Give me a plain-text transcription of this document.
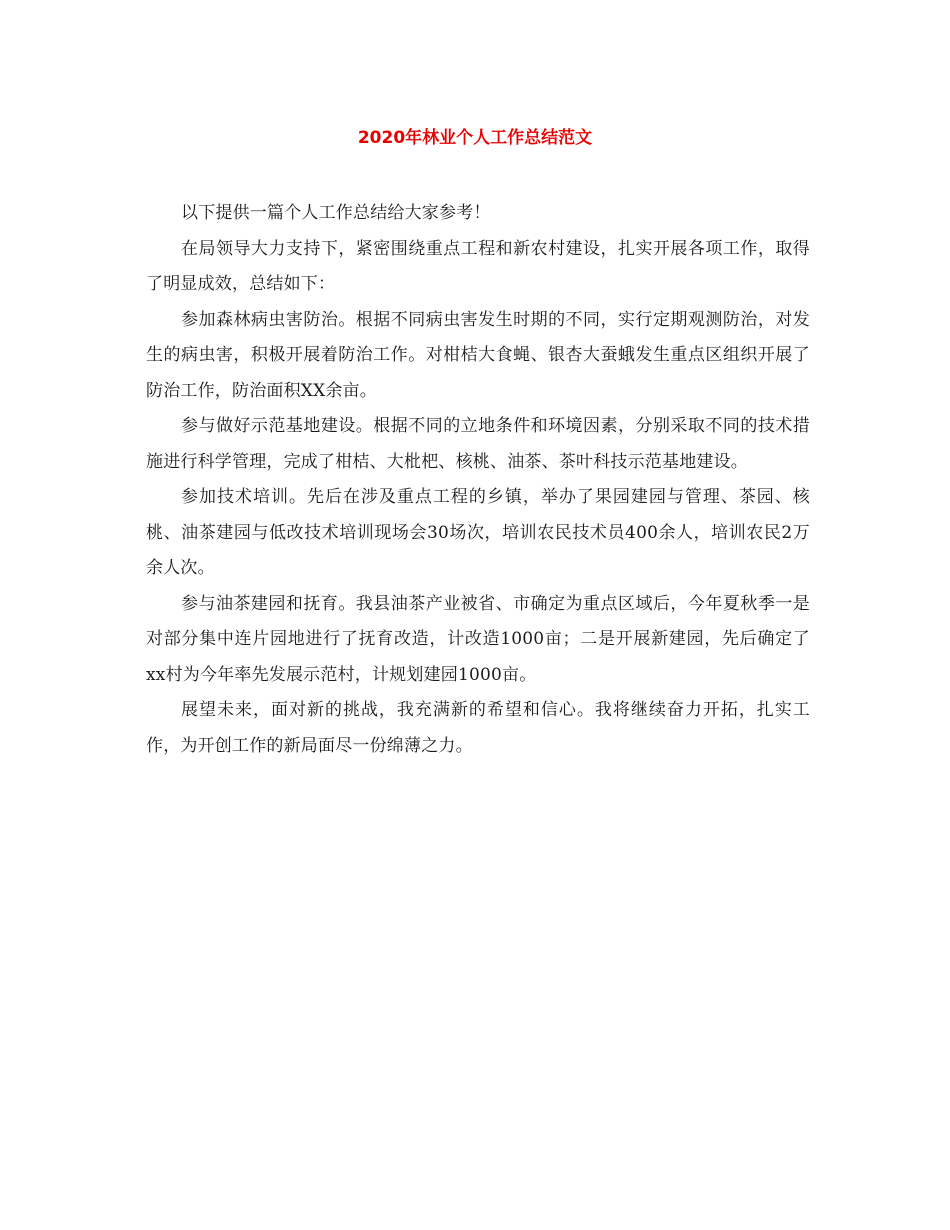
2020年林业个人工作总结范文

以下提供一篇个人工作总结给大家参考！

在局领导大力支持下，紧密围绕重点工程和新农村建设，扎实开展各项工作，取得了明显成效，总结如下：

参加森林病虫害防治。根据不同病虫害发生时期的不同，实行定期观测防治，对发生的病虫害，积极开展着防治工作。对柑桔大食蝇、银杏大蚕蛾发生重点区组织开展了防治工作，防治面积XX余亩。

参与做好示范基地建设。根据不同的立地条件和环境因素，分别采取不同的技术措施进行科学管理，完成了柑桔、大枇杷、核桃、油茶、茶叶科技示范基地建设。

参加技术培训。先后在涉及重点工程的乡镇，举办了果园建园与管理、茶园、核桃、油茶建园与低改技术培训现场会30场次，培训农民技术员400余人，培训农民2万余人次。

参与油茶建园和抚育。我县油茶产业被省、市确定为重点区域后，今年夏秋季一是对部分集中连片园地进行了抚育改造，计改造1000亩；二是开展新建园，先后确定了xx村为今年率先发展示范村，计规划建园1000亩。

展望未来，面对新的挑战，我充满新的希望和信心。我将继续奋力开拓，扎实工作，为开创工作的新局面尽一份绵薄之力。
